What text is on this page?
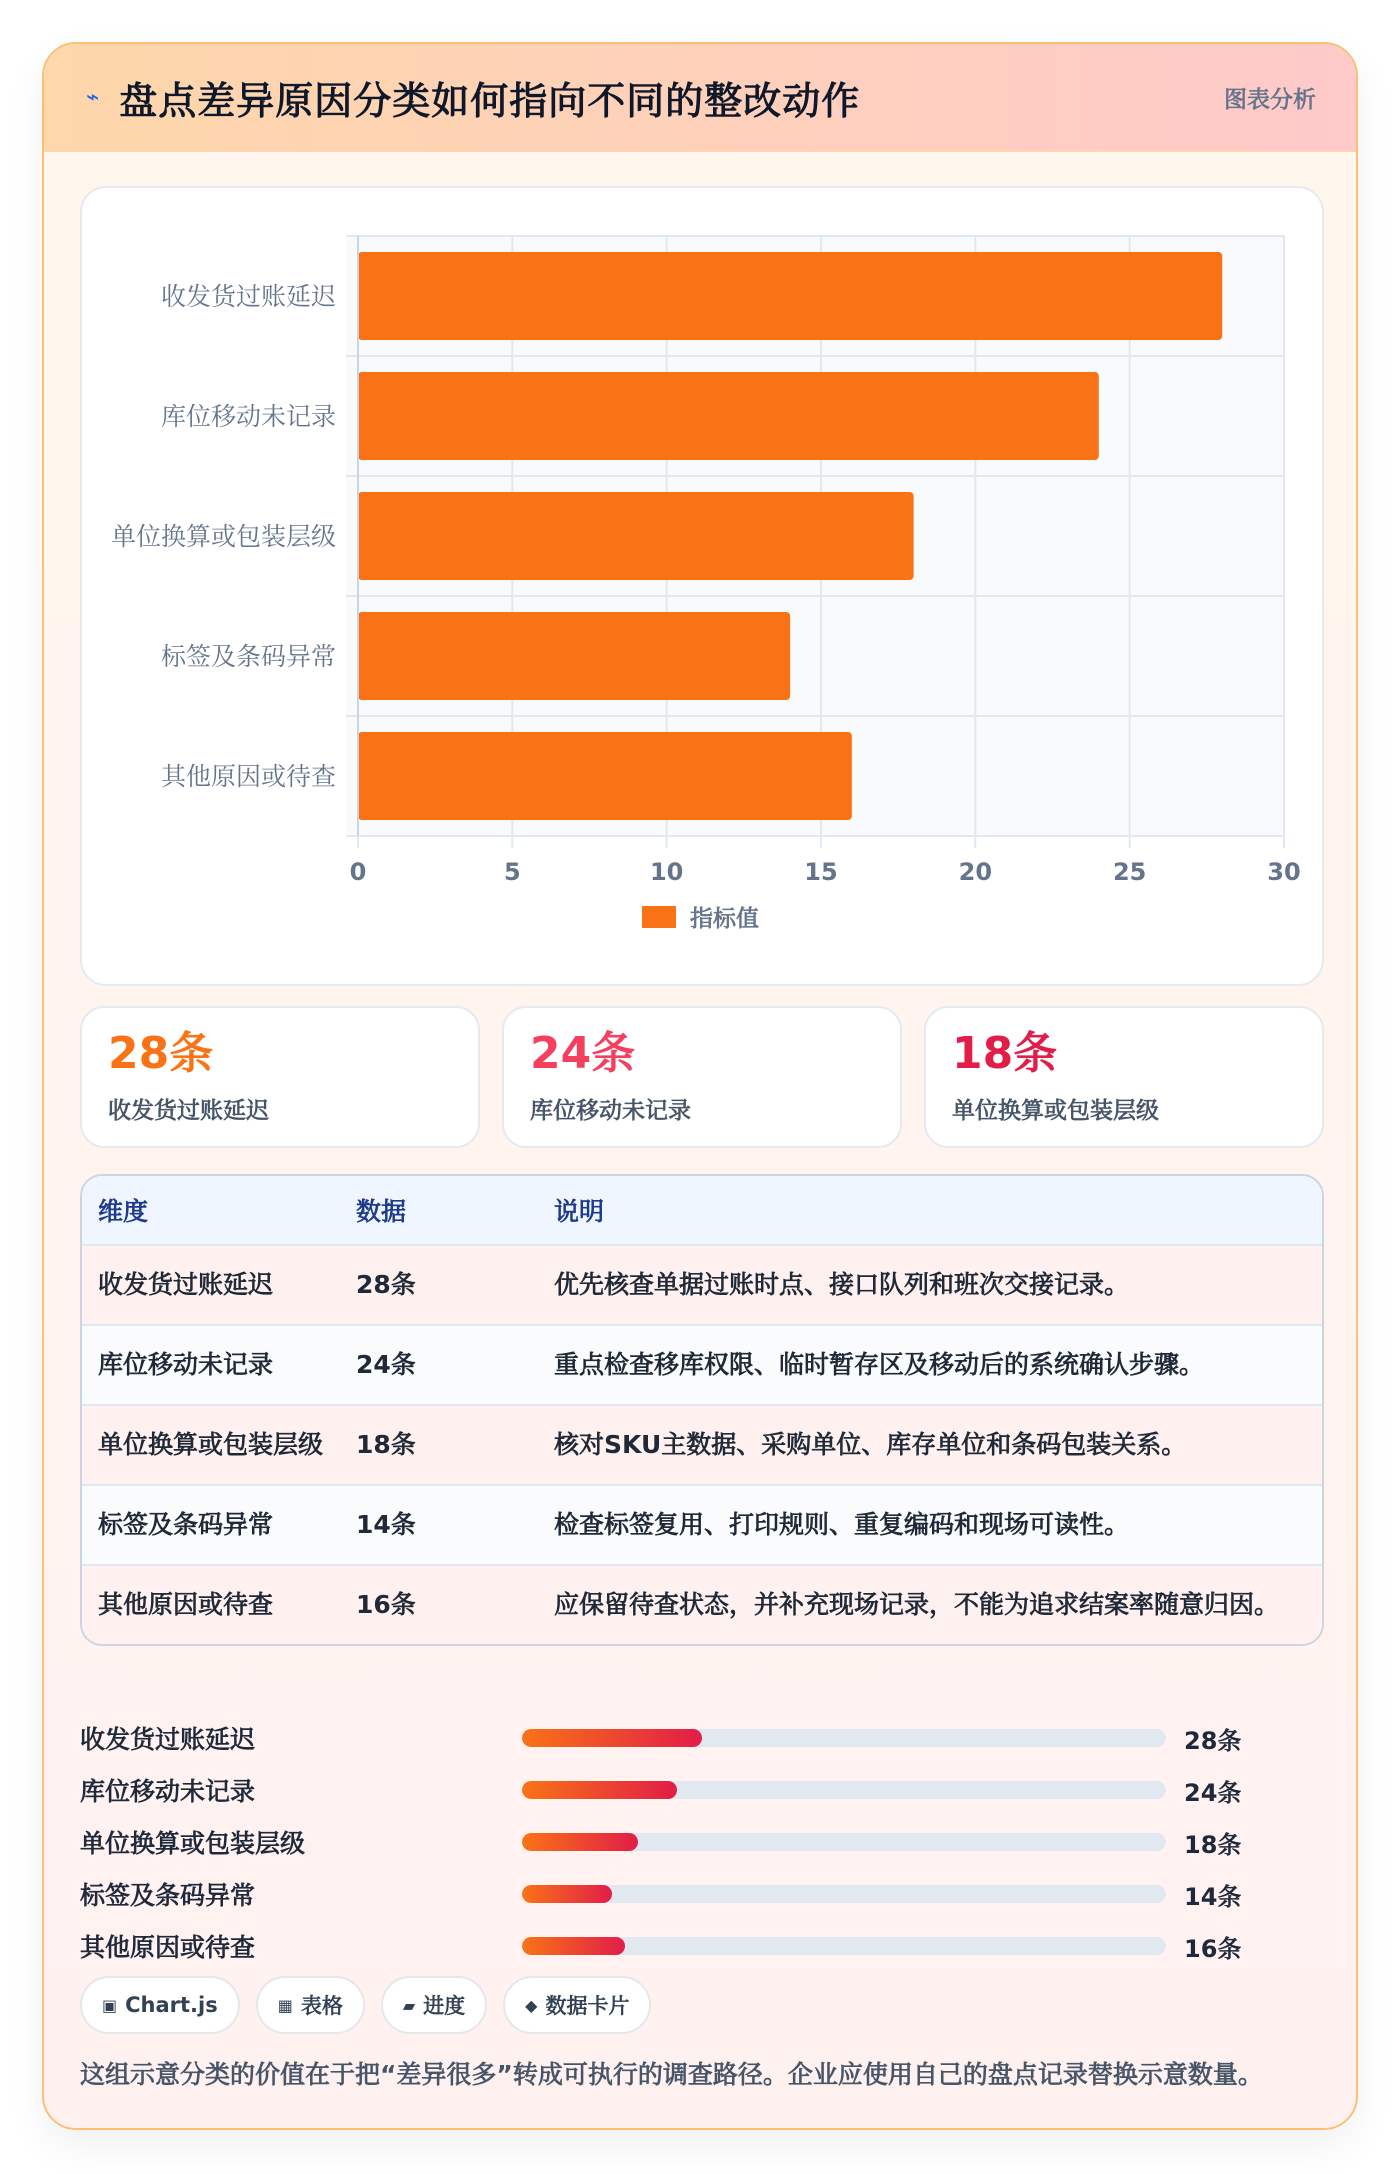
⌁ 盘点差异原因分类如何指向不同的整改动作	图表分析
0	5	10	15	20	25	30
收发货过账延迟
库位移动未记录
单位换算或包装层级
标签及条码异常
其他原因或待查
指标值
28条
收发货过账延迟
24条
库位移动未记录
18条
单位换算或包装层级
维度	数据	说明
收发货过账延迟	28条	优先核查单据过账时点、接口队列和班次交接记录。
库位移动未记录	24条	重点检查移库权限、临时暂存区及移动后的系统确认步骤。
单位换算或包装层级	18条	核对SKU主数据、采购单位、库存单位和条码包装关系。
标签及条码异常	14条	检查标签复用、打印规则、重复编码和现场可读性。
其他原因或待查	16条	应保留待查状态，并补充现场记录，不能为追求结案率随意归因。
收发货过账延迟	28条
库位移动未记录	24条
单位换算或包装层级	18条
标签及条码异常	14条
其他原因或待查	16条
▣ Chart.js	▦ 表格	▰ 进度	◆ 数据卡片
这组示意分类的价值在于把“差异很多”转成可执行的调查路径。企业应使用自己的盘点记录替换示意数量。
